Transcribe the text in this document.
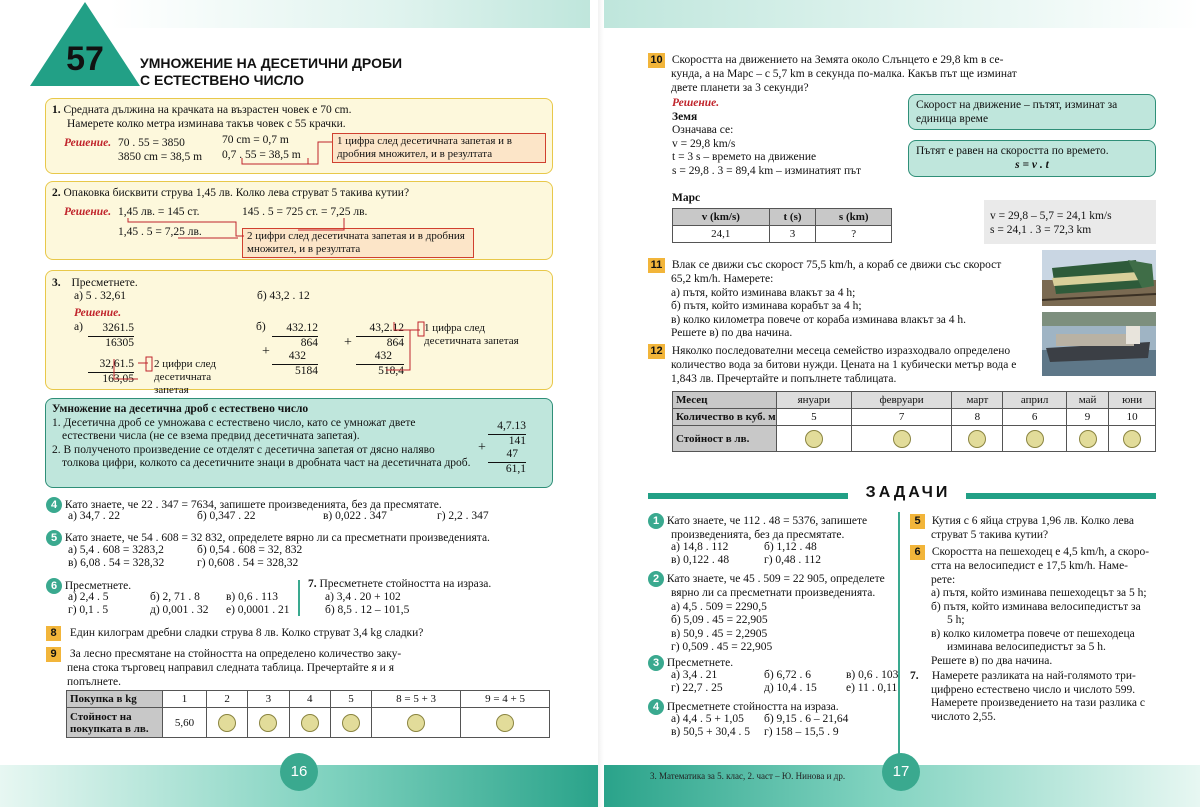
57	УМНОЖЕНИЕ НА ДЕСЕТИЧНИ ДРОБИ
С ЕСТЕСТВЕНО ЧИСЛО
1. Средната дължина на крачката на възрастен човек е 70 cm.
Намерете колко метра изминава такъв човек с 55 крачки.
Решение. 70 . 55 = 3850
3850 cm = 38,5 m
70 cm = 0,7 m
0,7 . 55 = 38,5 m
1 цифра след десетичната запетая и в дробния множител, и в резултата
2. Опаковка бисквити струва 1,45 лв. Колко лева струват 5 такива кутии?
Решение. 1,45 лв. = 145 ст.	145 . 5 = 725 ст. = 7,25 лв.
1,45 . 5 = 7,25 лв.	2 цифри след десетичната запетая и в дробния множител, и в резултата
3. Пресметнете.
а) 5 . 32,61	б) 43,2 . 12
Решение.
а)	3261.5
16305
32,61.5
163,05
2 цифри след десетичната запетая
б)	432.12
864
432
5184
+
43,2.12
864
432
518,4
+
1 цифра след десетичната запетая
Умножение на десетична дроб с естествено число
1. Десетична дроб се умножава с естествено число, като се умножат двете естествени числа (не се взема предвид десетичната запетая).
2. В полученото произведение се отделят с десетична запетая от дясно наляво толкова цифри, колкото са десетичните знаци в дробната част на десетичната дроб.
4,7.13
141
47
61,1
+
4 Като знаете, че 22 . 347 = 7634, запишете произведенията, без да пресмятате.
а) 34,7 . 22	б) 0,347 . 22	в) 0,022 . 347	г) 2,2 . 347
5 Като знаете, че 54 . 608 = 32 832, определете вярно ли са пресметнати произведенията.
а) 5,4 . 608 = 3283,2	б) 0,54 . 608 = 32, 832
в) 6,08 . 54 = 328,32	г) 0,608 . 54 = 328,32
6 Пресметнете.
а) 2,4 . 5	б) 2, 71 . 8 в) 0,6 . 113
г) 0,1 . 5	д) 0,001 . 32 е) 0,0001 . 21
7. Пресметнете стойността на израза.
а) 3,4 . 20 + 102
б) 8,5 . 12 – 101,5
8 Един килограм дребни сладки струва 8 лв. Колко струват 3,4 kg сладки?
9 За лесно пресмятане на стойността на определено количество заку-
пена стока търговец направил следната таблица. Пречертайте я и я
попълнете.
Покупка в kg	1	2	3	4	5	8 = 5 + 3	9 = 4 + 5
Стойност на покупката в лв.	5,60						
16
10 Скоростта на движението на Земята около Слънцето е 29,8 km в се-
кунда, а на Марс – с 5,7 km в секунда по-малка. Какъв път ще изминат
двете планети за 3 секунди?
Решение.
Земя
Означава се:
v = 29,8 km/s
t = 3 s – времето на движение
s = 29,8 . 3 = 89,4 km – изминатият път
Марс
v (km/s)	t (s)	s (km)
24,1	3	?
v = 29,8 – 5,7 = 24,1 km/s
s = 24,1 . 3 = 72,3 km
Скорост на движение – пътят, изминат за единица време
Пътят е равен на скоростта по времето.
s = v . t
11 Влак се движи със скорост 75,5 km/h, а кораб се движи със скорост
65,2 km/h. Намерете:
а) пътя, който изминава влакът за 4 h;
б) пътя, който изминава корабът за 4 h;
в) колко километра повече от кораба изминава влакът за 4 h.
Решете в) по два начина.
12 Няколко последователни месеца семейство изразходвало определено
количество вода за битови нужди. Цената на 1 кубически метър вода е
1,843 лв. Пречертайте и попълнете таблицата.
Месец	януари	февруари	март	април	май	юни
Количество в куб. м	5	7	8	6	9	10
Стойност в лв.						
ЗАДАЧИ
1 Като знаете, че 112 . 48 = 5376, запишете
произведенията, без да пресмятате.
а) 14,8 . 112	б) 1,12 . 48
в) 0,122 . 48	г) 0,48 . 112
2 Като знаете, че 45 . 509 = 22 905, определете
вярно ли са пресметнати произведенията.
а) 4,5 . 509 = 2290,5
б) 5,09 . 45 = 22,905
в) 50,9 . 45 = 2,2905
г) 0,509 . 45 = 22,905
3 Пресметнете.
а) 3,4 . 21	б) 6,72 . 6	в) 0,6 . 103
г) 22,7 . 25	д) 10,4 . 15	е) 11 . 0,11
4 Пресметнете стойността на израза.
а) 4,4 . 5 + 1,05 б) 9,15 . 6 – 21,64
в) 50,5 + 30,4 . 5 г) 158 – 15,5 . 9
5 Кутия с 6 яйца струва 1,96 лв. Колко лева
струват 5 такива кутии?
6 Скоростта на пешеходец е 4,5 km/h, а скоро-
стта на велосипедист е 17,5 km/h. Наме-
рете:
а) пътя, който изминава пешеходецът за 5 h;
б) пътя, който изминава велосипедистът за
5 h;
в) колко километра повече от пешеходеца
изминава велосипедистът за 5 h.
Решете в) по два начина.
7. Намерете разликата на най-голямото три-
цифрено естествено число и числото 599.
Намерете произведението на тази разлика с
числото 2,55.
17
3. Математика за 5. клас, 2. част – Ю. Нинова и др.
